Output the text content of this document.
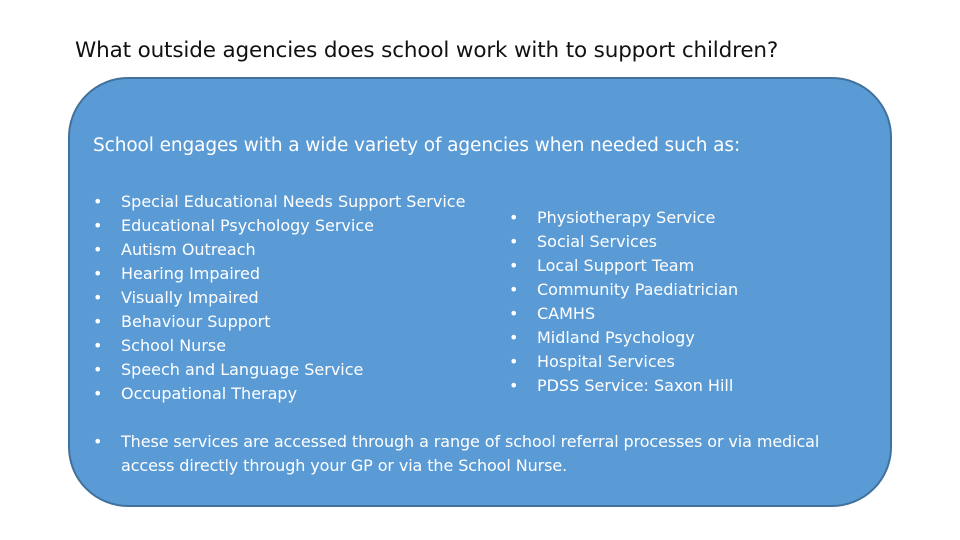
What outside agencies does school work with to support children?
School engages with a wide variety of agencies when needed such as:
• Special Educational Needs Support Service
• Educational Psychology Service
• Autism Outreach
• Hearing Impaired
• Visually Impaired
• Behaviour Support
• School Nurse
• Speech and Language Service
• Occupational Therapy
• Physiotherapy Service
• Social Services
• Local Support Team
• Community Paediatrician
• CAMHS
• Midland Psychology
• Hospital Services
• PDSS Service: Saxon Hill
• These services are accessed through a range of school referral processes or via medical access directly through your GP or via the School Nurse.
